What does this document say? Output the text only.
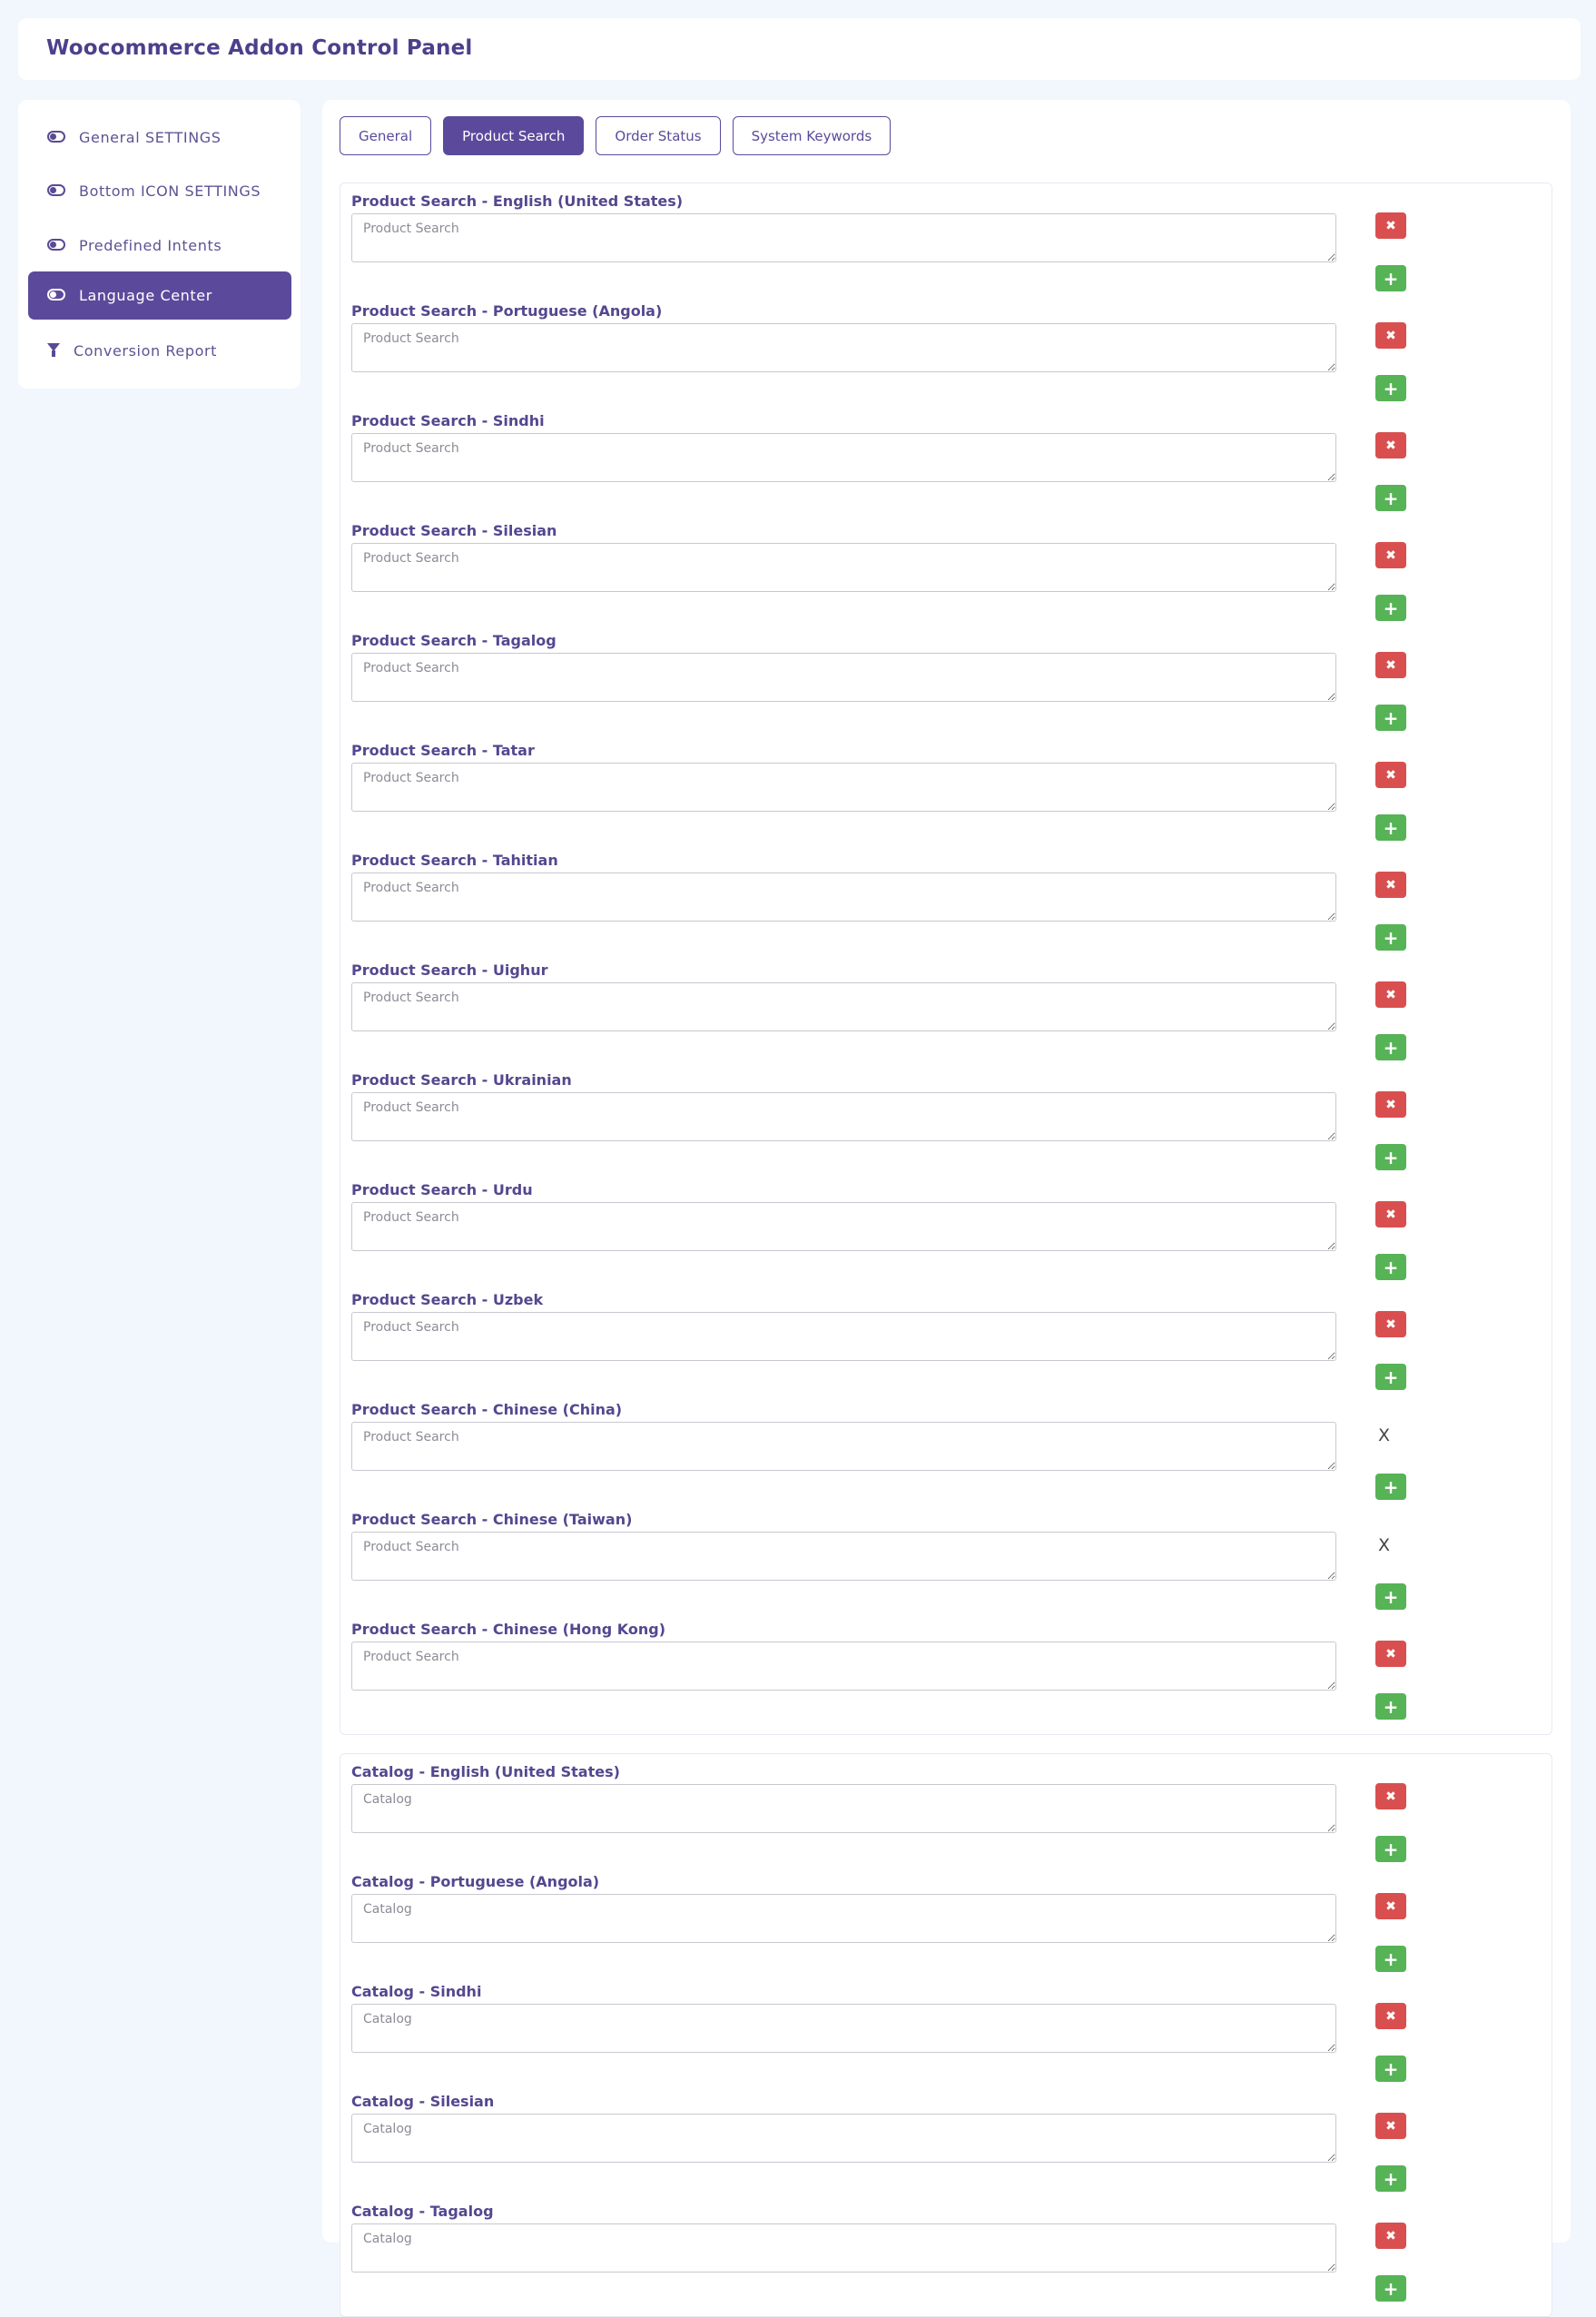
Woocommerce Addon Control Panel
General SETTINGS
Bottom ICON SETTINGS
Predefined Intents
Language Center
Conversion Report
General	Product Search	Order Status	System Keywords
Product Search - English (United States)
Product Search
✖
+
Product Search - Portuguese (Angola)
Product Search
✖
+
Product Search - Sindhi
Product Search
✖
+
Product Search - Silesian
Product Search
✖
+
Product Search - Tagalog
Product Search
✖
+
Product Search - Tatar
Product Search
✖
+
Product Search - Tahitian
Product Search
✖
+
Product Search - Uighur
Product Search
✖
+
Product Search - Ukrainian
Product Search
✖
+
Product Search - Urdu
Product Search
✖
+
Product Search - Uzbek
Product Search
✖
+
Product Search - Chinese (China)
Product Search
X
+
Product Search - Chinese (Taiwan)
Product Search
X
+
Product Search - Chinese (Hong Kong)
Product Search
✖
+
Catalog - English (United States)
Catalog
✖
+
Catalog - Portuguese (Angola)
Catalog
✖
+
Catalog - Sindhi
Catalog
✖
+
Catalog - Silesian
Catalog
✖
+
Catalog - Tagalog
Catalog
✖
+
